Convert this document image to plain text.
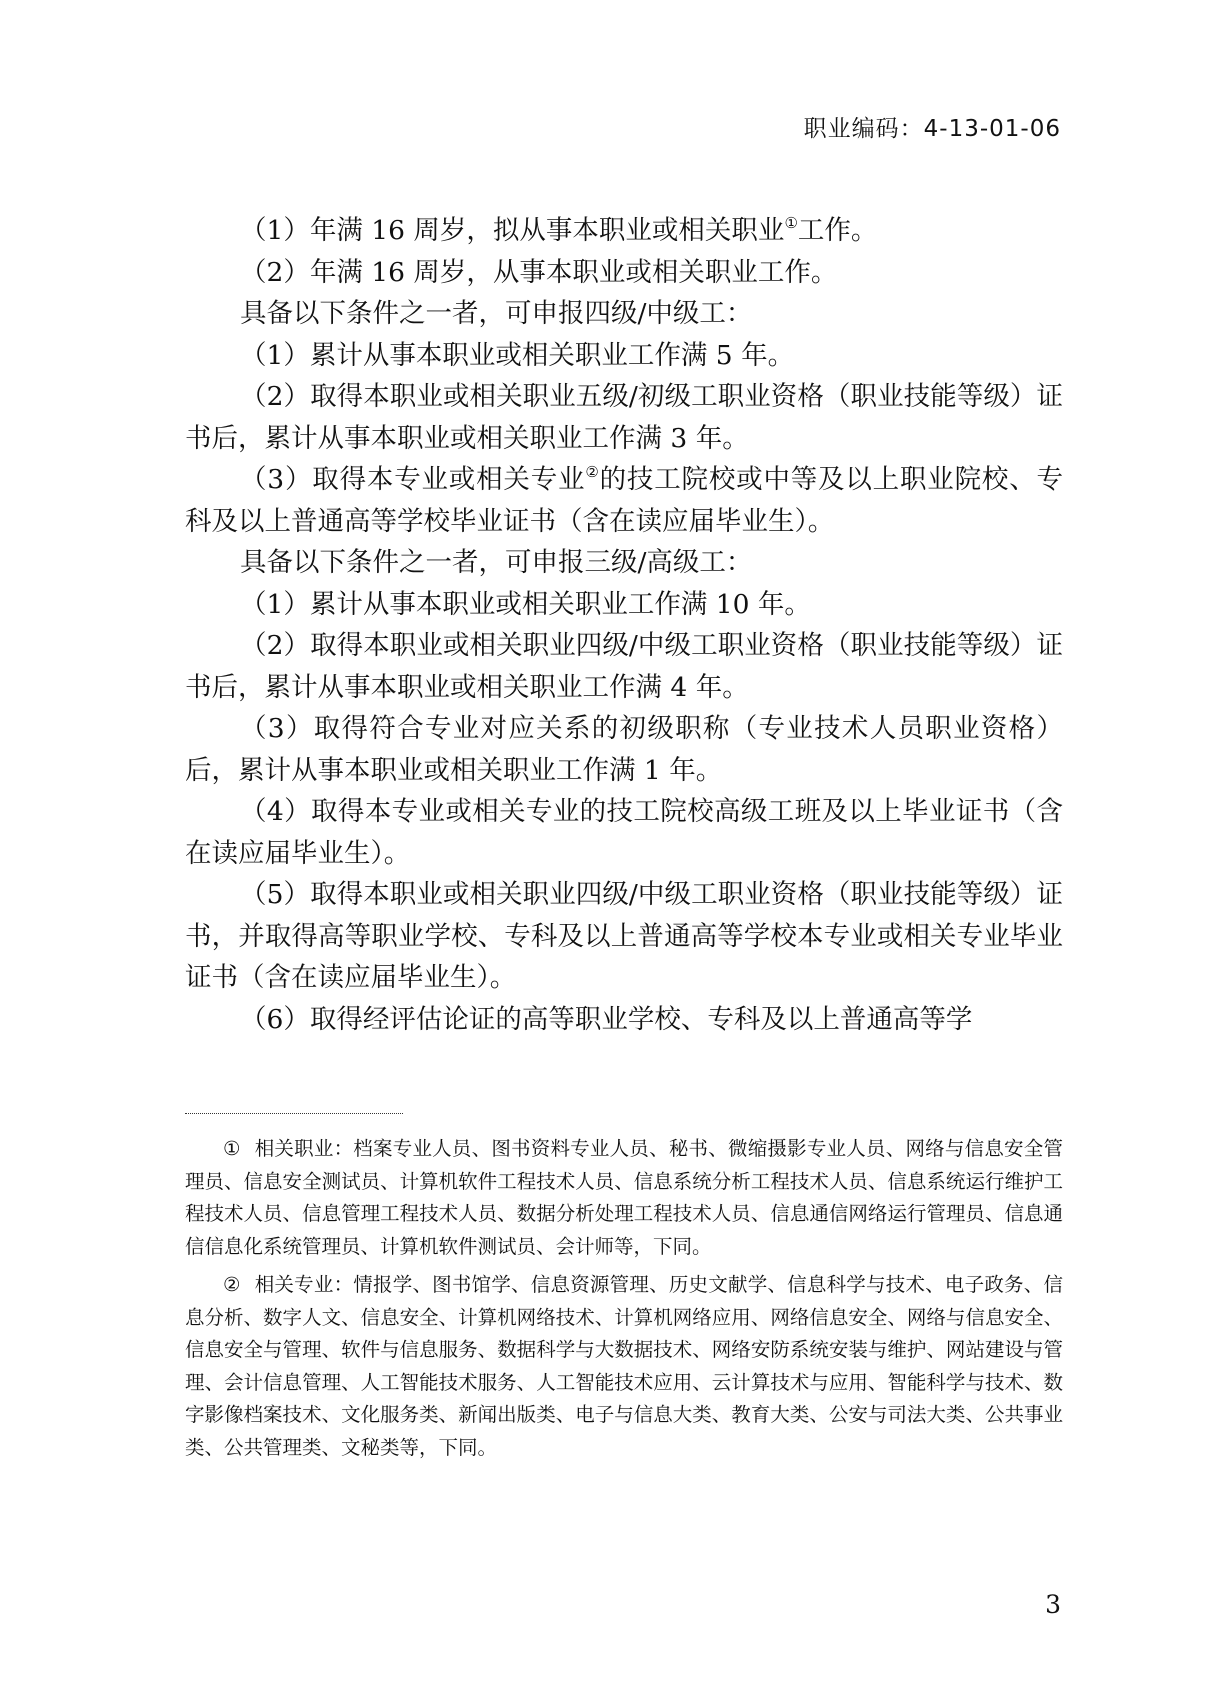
职业编码：4-13-01-06

（1）年满 16 周岁，拟从事本职业或相关职业①工作。

（2）年满 16 周岁，从事本职业或相关职业工作。

具备以下条件之一者，可申报四级/中级工：

（1）累计从事本职业或相关职业工作满 5 年。

（2）取得本职业或相关职业五级/初级工职业资格（职业技能等级）证书后，累计从事本职业或相关职业工作满 3 年。

（3）取得本专业或相关专业②的技工院校或中等及以上职业院校、专科及以上普通高等学校毕业证书（含在读应届毕业生）。

具备以下条件之一者，可申报三级/高级工：

（1）累计从事本职业或相关职业工作满 10 年。

（2）取得本职业或相关职业四级/中级工职业资格（职业技能等级）证书后，累计从事本职业或相关职业工作满 4 年。

（3）取得符合专业对应关系的初级职称（专业技术人员职业资格）后，累计从事本职业或相关职业工作满 1 年。

（4）取得本专业或相关专业的技工院校高级工班及以上毕业证书（含在读应届毕业生）。

（5）取得本职业或相关职业四级/中级工职业资格（职业技能等级）证书，并取得高等职业学校、专科及以上普通高等学校本专业或相关专业毕业证书（含在读应届毕业生）。

（6）取得经评估论证的高等职业学校、专科及以上普通高等学

① 相关职业：档案专业人员、图书资料专业人员、秘书、微缩摄影专业人员、网络与信息安全管理员、信息安全测试员、计算机软件工程技术人员、信息系统分析工程技术人员、信息系统运行维护工程技术人员、信息管理工程技术人员、数据分析处理工程技术人员、信息通信网络运行管理员、信息通信信息化系统管理员、计算机软件测试员、会计师等，下同。

② 相关专业：情报学、图书馆学、信息资源管理、历史文献学、信息科学与技术、电子政务、信息分析、数字人文、信息安全、计算机网络技术、计算机网络应用、网络信息安全、网络与信息安全、信息安全与管理、软件与信息服务、数据科学与大数据技术、网络安防系统安装与维护、网站建设与管理、会计信息管理、人工智能技术服务、人工智能技术应用、云计算技术与应用、智能科学与技术、数字影像档案技术、文化服务类、新闻出版类、电子与信息大类、教育大类、公安与司法大类、公共事业类、公共管理类、文秘类等，下同。

3
